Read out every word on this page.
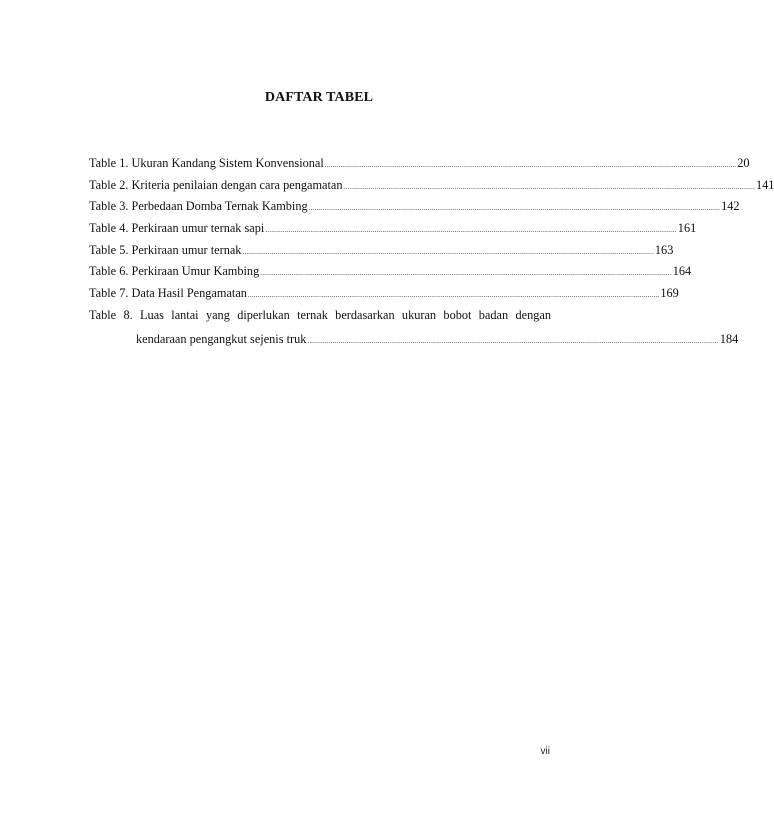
DAFTAR TABEL
Table 1. Ukuran Kandang Sistem Konvensional ................................................................................................................................................................................................................... 20
Table 2. Kriteria penilaian dengan cara pengamatan ................................................................................................................................................................................................................... 141
Table 3. Perbedaan Domba Ternak Kambing ................................................................................................................................................................................................................... 142
Table 4. Perkiraan umur ternak sapi ................................................................................................................................................................................................................... 161
Table 5. Perkiraan umur ternak ................................................................................................................................................................................................................... 163
Table 6. Perkiraan Umur Kambing ................................................................................................................................................................................................................... 164
Table 7. Data Hasil Pengamatan ................................................................................................................................................................................................................... 169
Table 8. Luas lantai yang diperlukan ternak berdasarkan ukuran bobot badan dengan
kendaraan pengangkut sejenis truk ................................................................................................................................................................................................................... 184
vii
